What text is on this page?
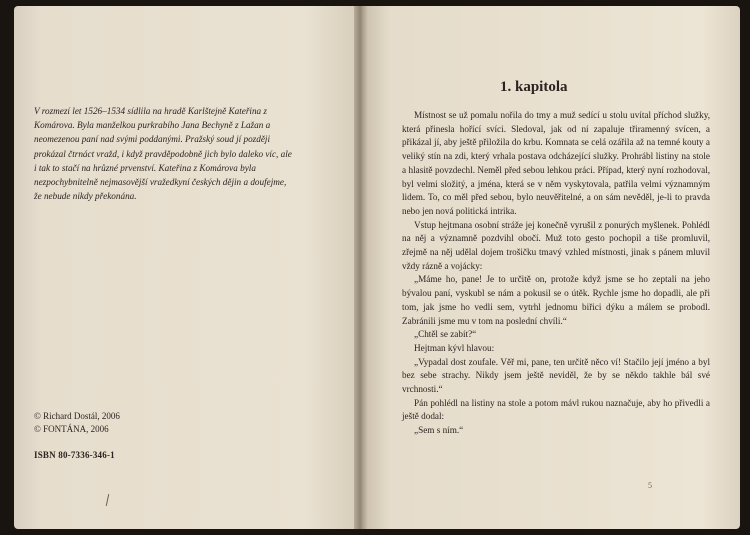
V rozmezí let 1526–1534 sídlila na hradě Karlštejně Kateřina z Komárova. Byla manželkou purkrabího Jana Bechyně z Lažan a neomezenou paní nad svými poddanými. Pražský soud jí později prokázal čtrnáct vražd, i když pravděpodobně jich bylo daleko víc, ale i tak to stačí na hrůzné prvenství. Kateřina z Komárova byla nezpochybnitelně nejmasovější vražedkyní českých dějin a doufejme, že nebude nikdy překonána.

© Richard Dostál, 2006
© FONTÁNA, 2006
ISBN 80-7336-346-1
1. kapitola

Místnost se už pomalu nořila do tmy a muž sedící u stolu uvítal příchod služky, která přinesla hořící svíci. Sledoval, jak od ní zapaluje třiramenný svícen, a přikázal jí, aby ještě přiložila do krbu. Komnata se celá ozářila až na temné kouty a veliký stín na zdi, který vrhala postava odcházející služky. Prohrábl listiny na stole a hlasitě povzdechl. Neměl před sebou lehkou práci. Případ, který nyní rozhodoval, byl velmi složitý, a jména, která se v něm vyskytovala, patřila velmi významným lidem. To, co měl před sebou, bylo neuvěřitelné, a on sám nevěděl, je-li to pravda nebo jen nová politická intrika.

Vstup hejtmana osobní stráže jej konečně vyrušil z ponurých myšlenek. Pohlédl na něj a významně pozdvihl obočí. Muž toto gesto pochopil a tiše promluvil, zřejmě na něj udělal dojem trošičku tmavý vzhled místnosti, jinak s pánem mluvil vždy rázně a vojácky:

„Máme ho, pane! Je to určitě on, protože když jsme se ho zeptali na jeho bývalou paní, vyskubl se nám a pokusil se o útěk. Rychle jsme ho dopadli, ale při tom, jak jsme ho vedli sem, vytrhl jednomu biřici dýku a málem se probodl. Zabránili jsme mu v tom na poslední chvíli.“

„Chtěl se zabít?“

Hejtman kývl hlavou:

„Vypadal dost zoufale. Věř mi, pane, ten určitě něco ví! Stačilo její jméno a byl bez sebe strachy. Nikdy jsem ještě neviděl, že by se někdo takhle bál své vrchnosti.“

Pán pohlédl na listiny na stole a potom mávl rukou naznačuje, aby ho přivedli a ještě dodal:

„Sem s ním.“

5
